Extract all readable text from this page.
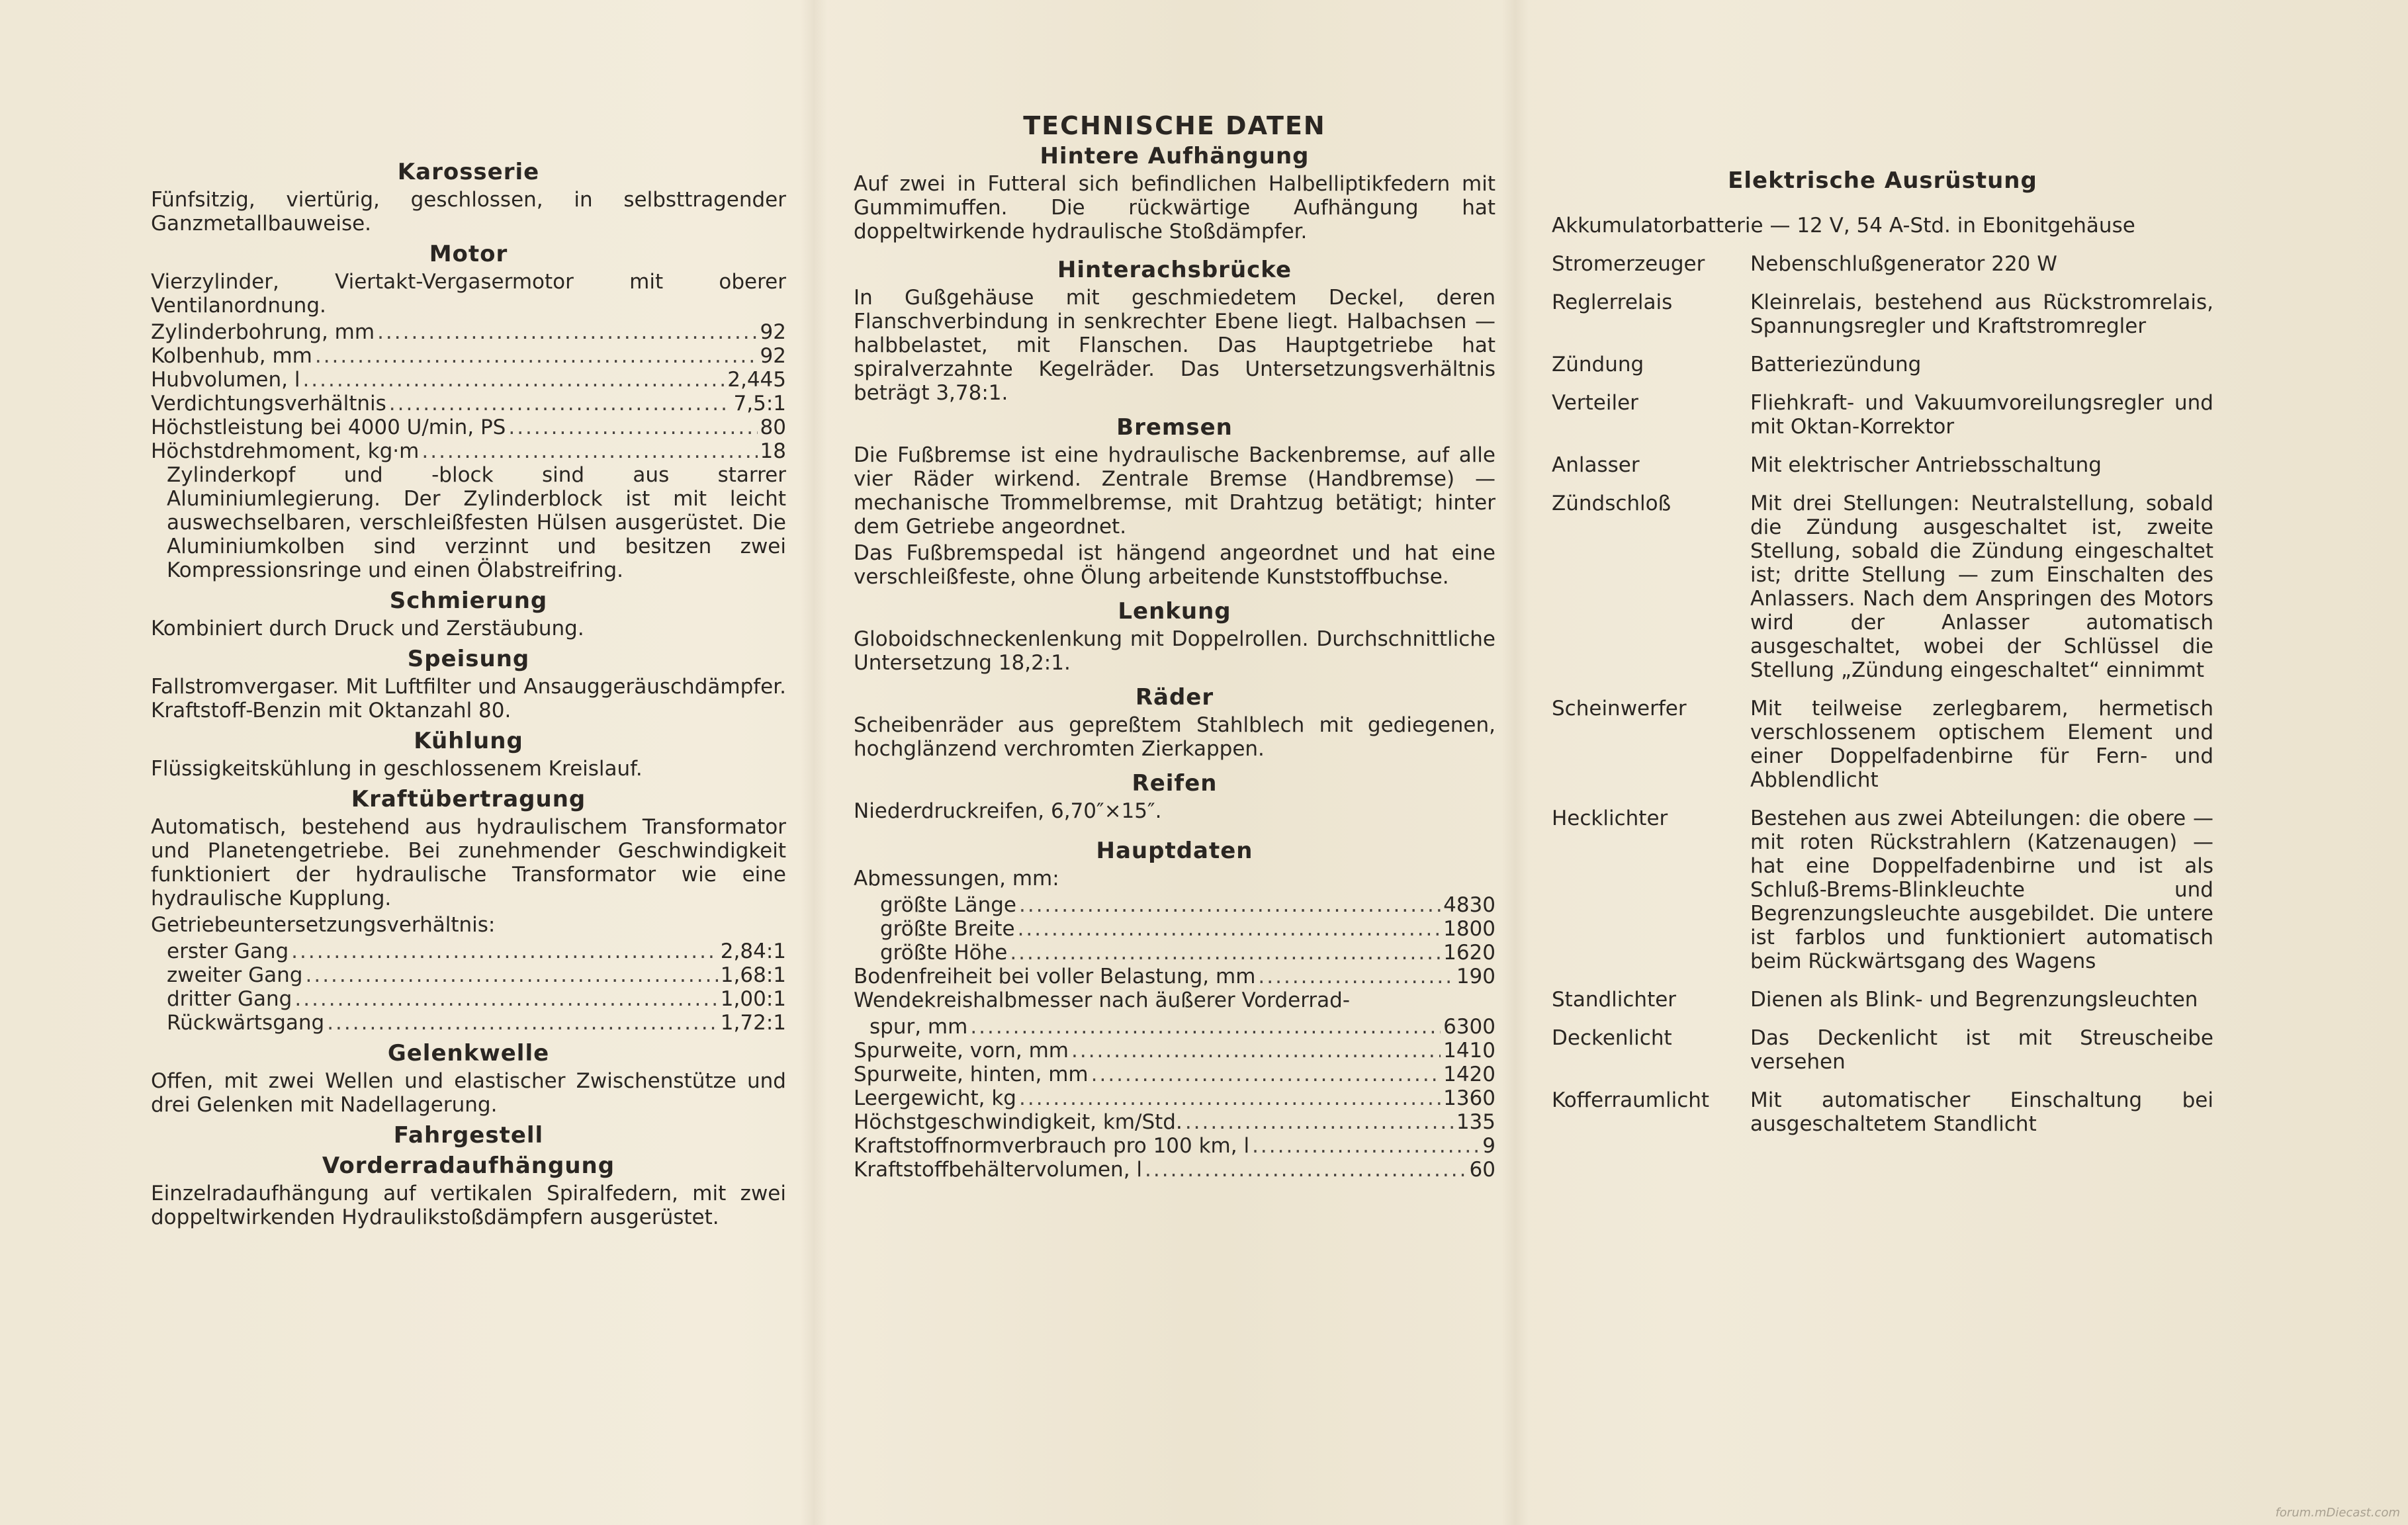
Karosserie

Fünfsitzig, viertürig, geschlossen, in selbsttragender Ganzmetallbauweise.

Motor

Vierzylinder, Viertakt-Vergasermotor mit oberer Ventilanordnung.

Zylinderbohrung, mm .....	92
Kolbenhub, mm .....	92
Hubvolumen, l .....	2,445
Verdichtungsverhältnis .....	7,5:1
Höchstleistung bei 4000 U/min, PS .....	80
Höchstdrehmoment, kg·m .....	18

Zylinderkopf und -block sind aus starrer Aluminiumlegierung. Der Zylinderblock ist mit leicht auswechselbaren, verschleißfesten Hülsen ausgerüstet. Die Aluminiumkolben sind verzinnt und besitzen zwei Kompressionsringe und einen Ölabstreifring.

Schmierung

Kombiniert durch Druck und Zerstäubung.

Speisung

Fallstromvergaser. Mit Luftfilter und Ansauggeräuschdämpfer. Kraftstoff-Benzin mit Oktanzahl 80.

Kühlung

Flüssigkeitskühlung in geschlossenem Kreislauf.

Kraftübertragung

Automatisch, bestehend aus hydraulischem Transformator und Planetengetriebe. Bei zunehmender Geschwindigkeit funktioniert der hydraulische Transformator wie eine hydraulische Kupplung.

Getriebeuntersetzungsverhältnis:

erster Gang .....	2,84:1
zweiter Gang .....	1,68:1
dritter Gang .....	1,00:1
Rückwärtsgang .....	1,72:1
Gelenkwelle

Offen, mit zwei Wellen und elastischer Zwischenstütze und drei Gelenken mit Nadellagerung.

Fahrgestell
Vorderradaufhängung

Einzelradaufhängung auf vertikalen Spiralfedern, mit zwei doppeltwirkenden Hydraulikstoßdämpfern ausgerüstet.

TECHNISCHE DATEN
Hintere Aufhängung

Auf zwei in Futteral sich befindlichen Halbelliptikfedern mit Gummimuffen. Die rückwärtige Aufhängung hat doppeltwirkende hydraulische Stoßdämpfer.

Hinterachsbrücke

In Gußgehäuse mit geschmiedetem Deckel, deren Flanschverbindung in senkrechter Ebene liegt. Halbachsen — halbbelastet, mit Flanschen. Das Hauptgetriebe hat spiralverzahnte Kegelräder. Das Untersetzungsverhältnis beträgt 3,78:1.

Bremsen

Die Fußbremse ist eine hydraulische Backenbremse, auf alle vier Räder wirkend. Zentrale Bremse (Handbremse) — mechanische Trommelbremse, mit Drahtzug betätigt; hinter dem Getriebe angeordnet.

Das Fußbremspedal ist hängend angeordnet und hat eine verschleißfeste, ohne Ölung arbeitende Kunststoffbuchse.

Lenkung

Globoidschneckenlenkung mit Doppelrollen. Durchschnittliche Untersetzung 18,2:1.

Räder

Scheibenräder aus gepreßtem Stahlblech mit gediegenen, hochglänzend verchromten Zierkappen.

Reifen

Niederdruckreifen, 6,70″×15″.

Hauptdaten

Abmessungen, mm:

größte Länge .....	4830
größte Breite .....	1800
größte Höhe .....	1620
Bodenfreiheit bei voller Belastung, mm .....	190

Wendekreishalbmesser nach äußerer Vorderrad-

spur, mm .....	6300
Spurweite, vorn, mm .....	1410
Spurweite, hinten, mm .....	1420
Leergewicht, kg .....	1360
Höchstgeschwindigkeit, km/Std. .....	135
Kraftstoffnormverbrauch pro 100 km, l .....	9
Kraftstoffbehältervolumen, l .....	60
Elektrische Ausrüstung

Akkumulatorbatterie — 12 V, 54 A-Std. in Ebonitgehäuse

Stromerzeuger	Nebenschlußgenerator 220 W
Reglerrelais	Kleinrelais, bestehend aus Rückstromrelais, Spannungsregler und Kraftstromregler
Zündung	Batteriezündung
Verteiler	Fliehkraft- und Vakuumvoreilungsregler und mit Oktan-Korrektor
Anlasser	Mit elektrischer Antriebsschaltung
Zündschloß	Mit drei Stellungen: Neutralstellung, sobald die Zündung ausgeschaltet ist, zweite Stellung, sobald die Zündung eingeschaltet ist; dritte Stellung — zum Einschalten des Anlassers. Nach dem Anspringen des Motors wird der Anlasser automatisch ausgeschaltet, wobei der Schlüssel die Stellung „Zündung eingeschaltet“ einnimmt
Scheinwerfer	Mit teilweise zerlegbarem, hermetisch verschlossenem optischem Element und einer Doppelfadenbirne für Fern- und Abblendlicht
Hecklichter	Bestehen aus zwei Abteilungen: die obere — mit roten Rückstrahlern (Katzenaugen) — hat eine Doppelfadenbirne und ist als Schluß-Brems-Blinkleuchte und Begrenzungsleuchte ausgebildet. Die untere ist farblos und funktioniert automatisch beim Rückwärtsgang des Wagens
Standlichter	Dienen als Blink- und Begrenzungsleuchten
Deckenlicht	Das Deckenlicht ist mit Streuscheibe versehen
Kofferraumlicht	Mit automatischer Einschaltung bei ausgeschaltetem Standlicht
forum.mDiecast.com
